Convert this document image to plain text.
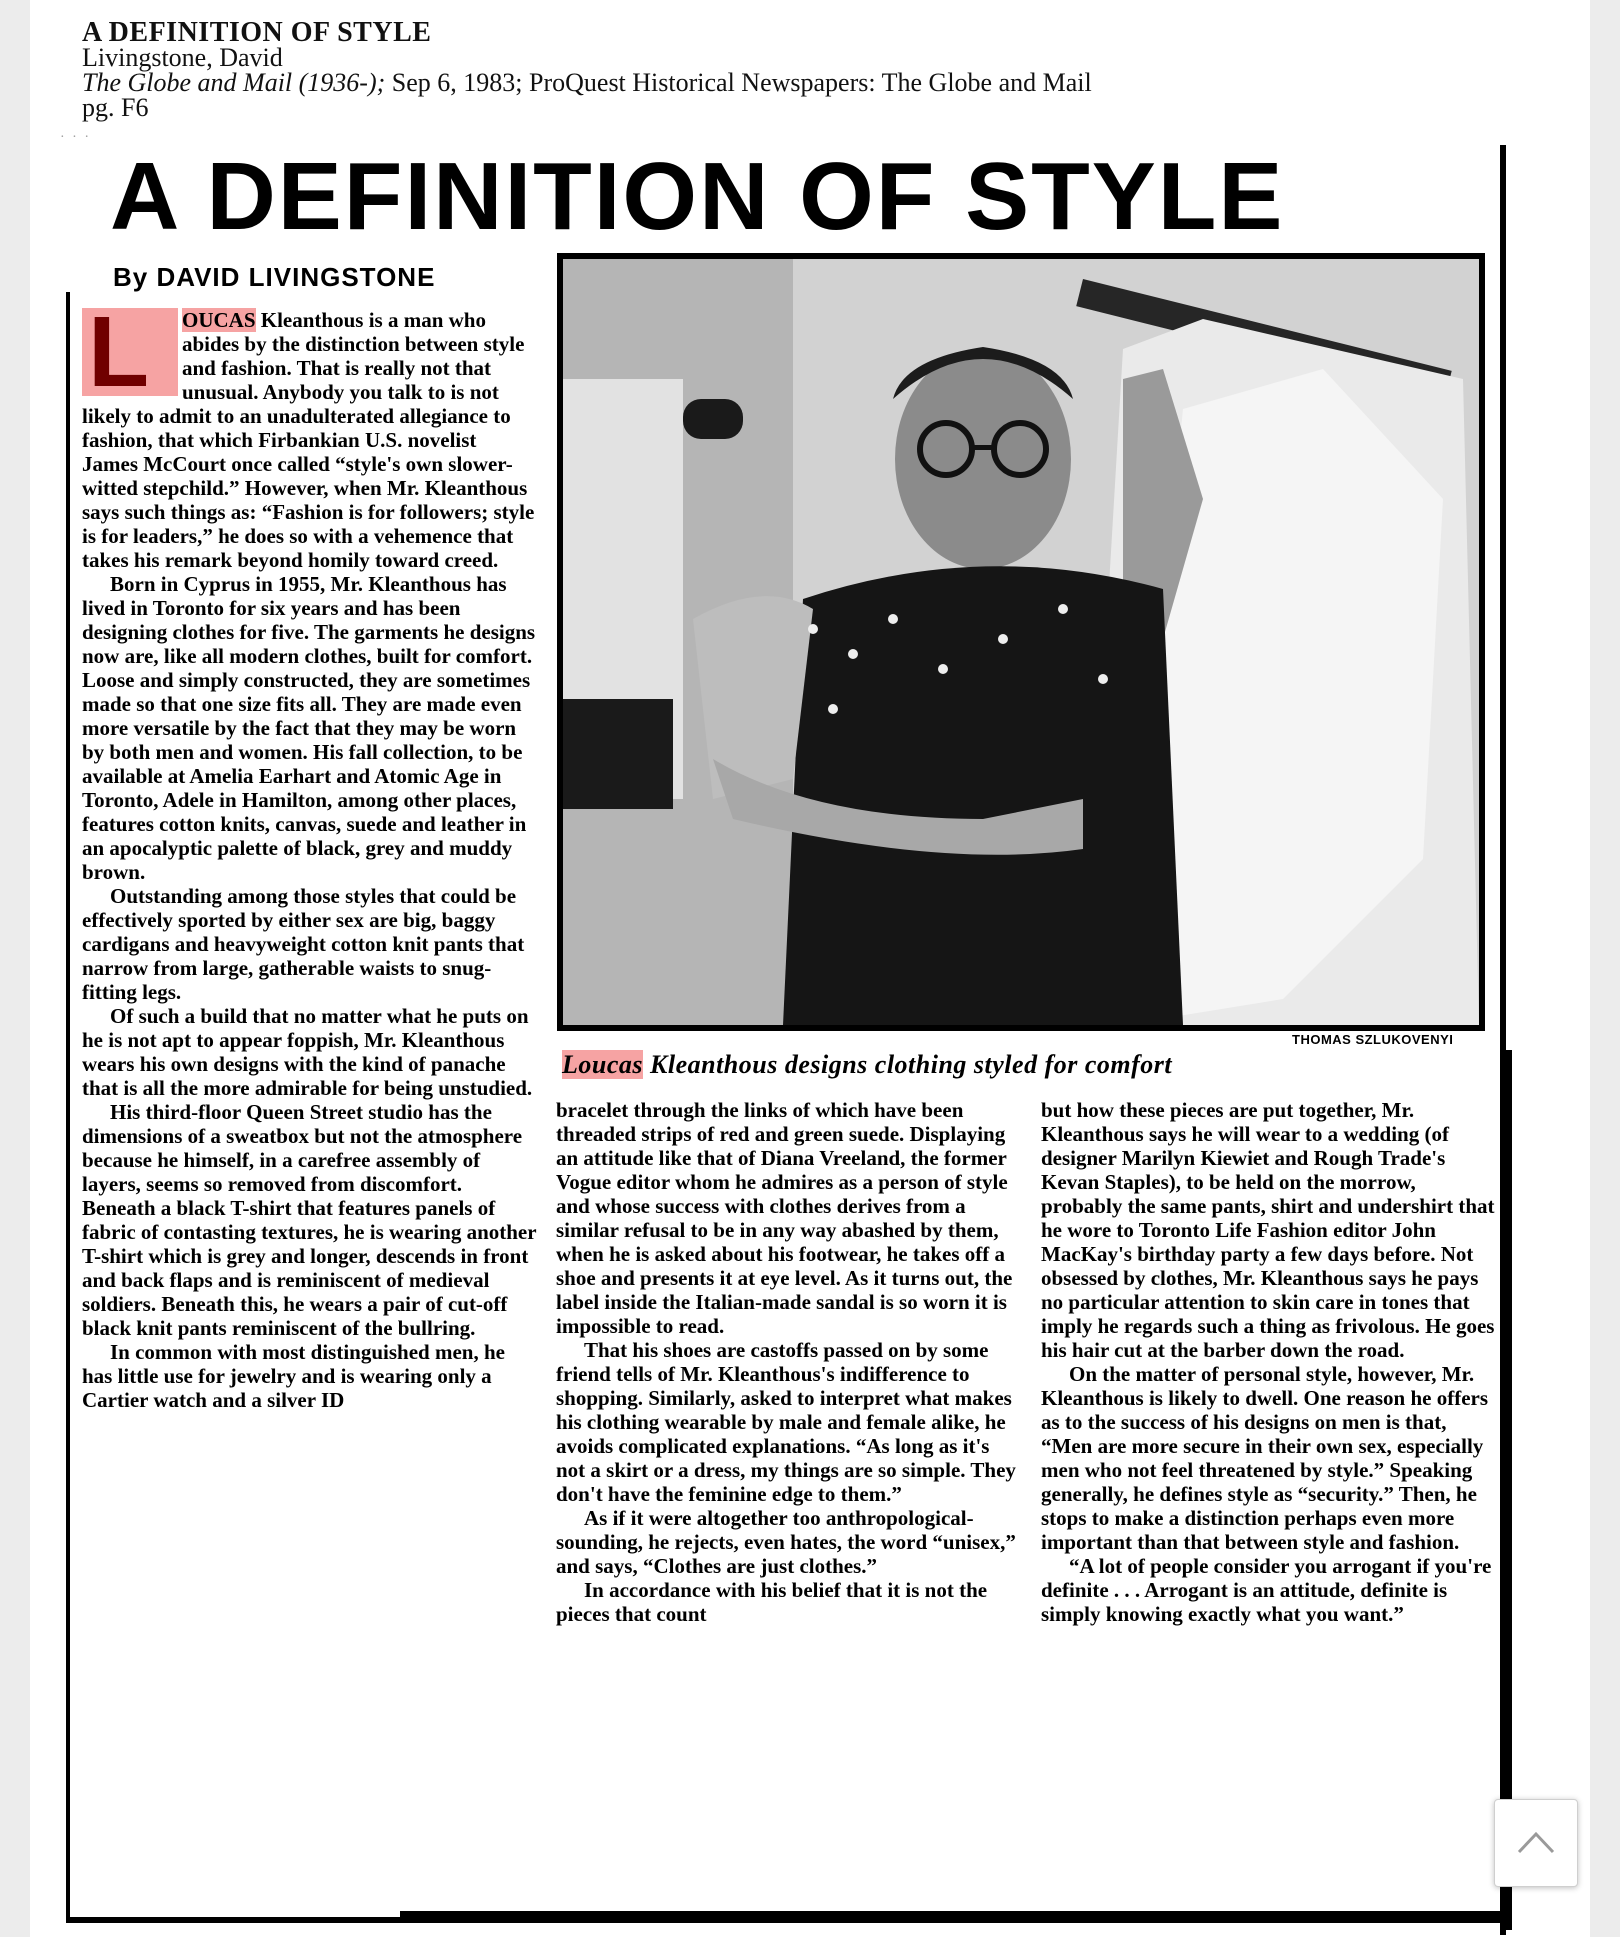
A DEFINITION OF STYLE
Livingstone, David
The Globe and Mail (1936-); Sep 6, 1983; ProQuest Historical Newspapers: The Globe and Mail
pg. F6
· · ·
A DEFINITION OF STYLE
By DAVID LIVINGSTONE

L OUCAS Kleanthous is a man who abides by the distinction between style and fashion. That is really not that unusual. Anybody you talk to is not likely to admit to an unadulterated allegiance to fashion, that which Firbankian U.S. novelist James McCourt once called “style's own slower-witted stepchild.” However, when Mr. Kleanthous says such things as: “Fashion is for followers; style is for leaders,” he does so with a vehemence that takes his remark beyond homily toward creed.

Born in Cyprus in 1955, Mr. Kleanthous has lived in Toronto for six years and has been designing clothes for five. The garments he designs now are, like all modern clothes, built for comfort. Loose and simply constructed, they are sometimes made so that one size fits all. They are made even more versatile by the fact that they may be worn by both men and women. His fall collection, to be available at Amelia Earhart and Atomic Age in Toronto, Adele in Hamilton, among other places, features cotton knits, canvas, suede and leather in an apocalyptic palette of black, grey and muddy brown.

Outstanding among those styles that could be effectively sported by either sex are big, baggy cardigans and heavyweight cotton knit pants that narrow from large, gatherable waists to snug-fitting legs.

Of such a build that no matter what he puts on he is not apt to appear foppish, Mr. Kleanthous wears his own designs with the kind of panache that is all the more admirable for being unstudied.

His third-floor Queen Street studio has the dimensions of a sweatbox but not the atmosphere because he himself, in a carefree assembly of layers, seems so removed from discomfort. Beneath a black T-shirt that features panels of fabric of contasting textures, he is wearing another T-shirt which is grey and longer, descends in front and back flaps and is reminiscent of medieval soldiers. Beneath this, he wears a pair of cut-off black knit pants reminiscent of the bullring.

In common with most distinguished men, he has little use for jewelry and is wearing only a Cartier watch and a silver ID

THOMAS SZLUKOVENYI
Loucas Kleanthous designs clothing styled for comfort

bracelet through the links of which have been threaded strips of red and green suede. Displaying an attitude like that of Diana Vreeland, the former Vogue editor whom he admires as a person of style and whose success with clothes derives from a similar refusal to be in any way abashed by them, when he is asked about his footwear, he takes off a shoe and presents it at eye level. As it turns out, the label inside the Italian-made sandal is so worn it is impossible to read.

That his shoes are castoffs passed on by some friend tells of Mr. Kleanthous's indifference to shopping. Similarly, asked to interpret what makes his clothing wearable by male and female alike, he avoids complicated explanations. “As long as it's not a skirt or a dress, my things are so simple. They don't have the feminine edge to them.”

As if it were altogether too anthropological-sounding, he rejects, even hates, the word “unisex,” and says, “Clothes are just clothes.”

In accordance with his belief that it is not the pieces that count

but how these pieces are put together, Mr. Kleanthous says he will wear to a wedding (of designer Marilyn Kiewiet and Rough Trade's Kevan Staples), to be held on the morrow, probably the same pants, shirt and undershirt that he wore to Toronto Life Fashion editor John MacKay's birthday party a few days before. Not obsessed by clothes, Mr. Kleanthous says he pays no particular attention to skin care in tones that imply he regards such a thing as frivolous. He goes his hair cut at the barber down the road.

On the matter of personal style, however, Mr. Kleanthous is likely to dwell. One reason he offers as to the success of his designs on men is that, “Men are more secure in their own sex, especially men who not feel threatened by style.” Speaking generally, he defines style as “security.” Then, he stops to make a distinction perhaps even more important than that between style and fashion.

“A lot of people consider you arrogant if you're definite . . . Arrogant is an attitude, definite is simply knowing exactly what you want.”
